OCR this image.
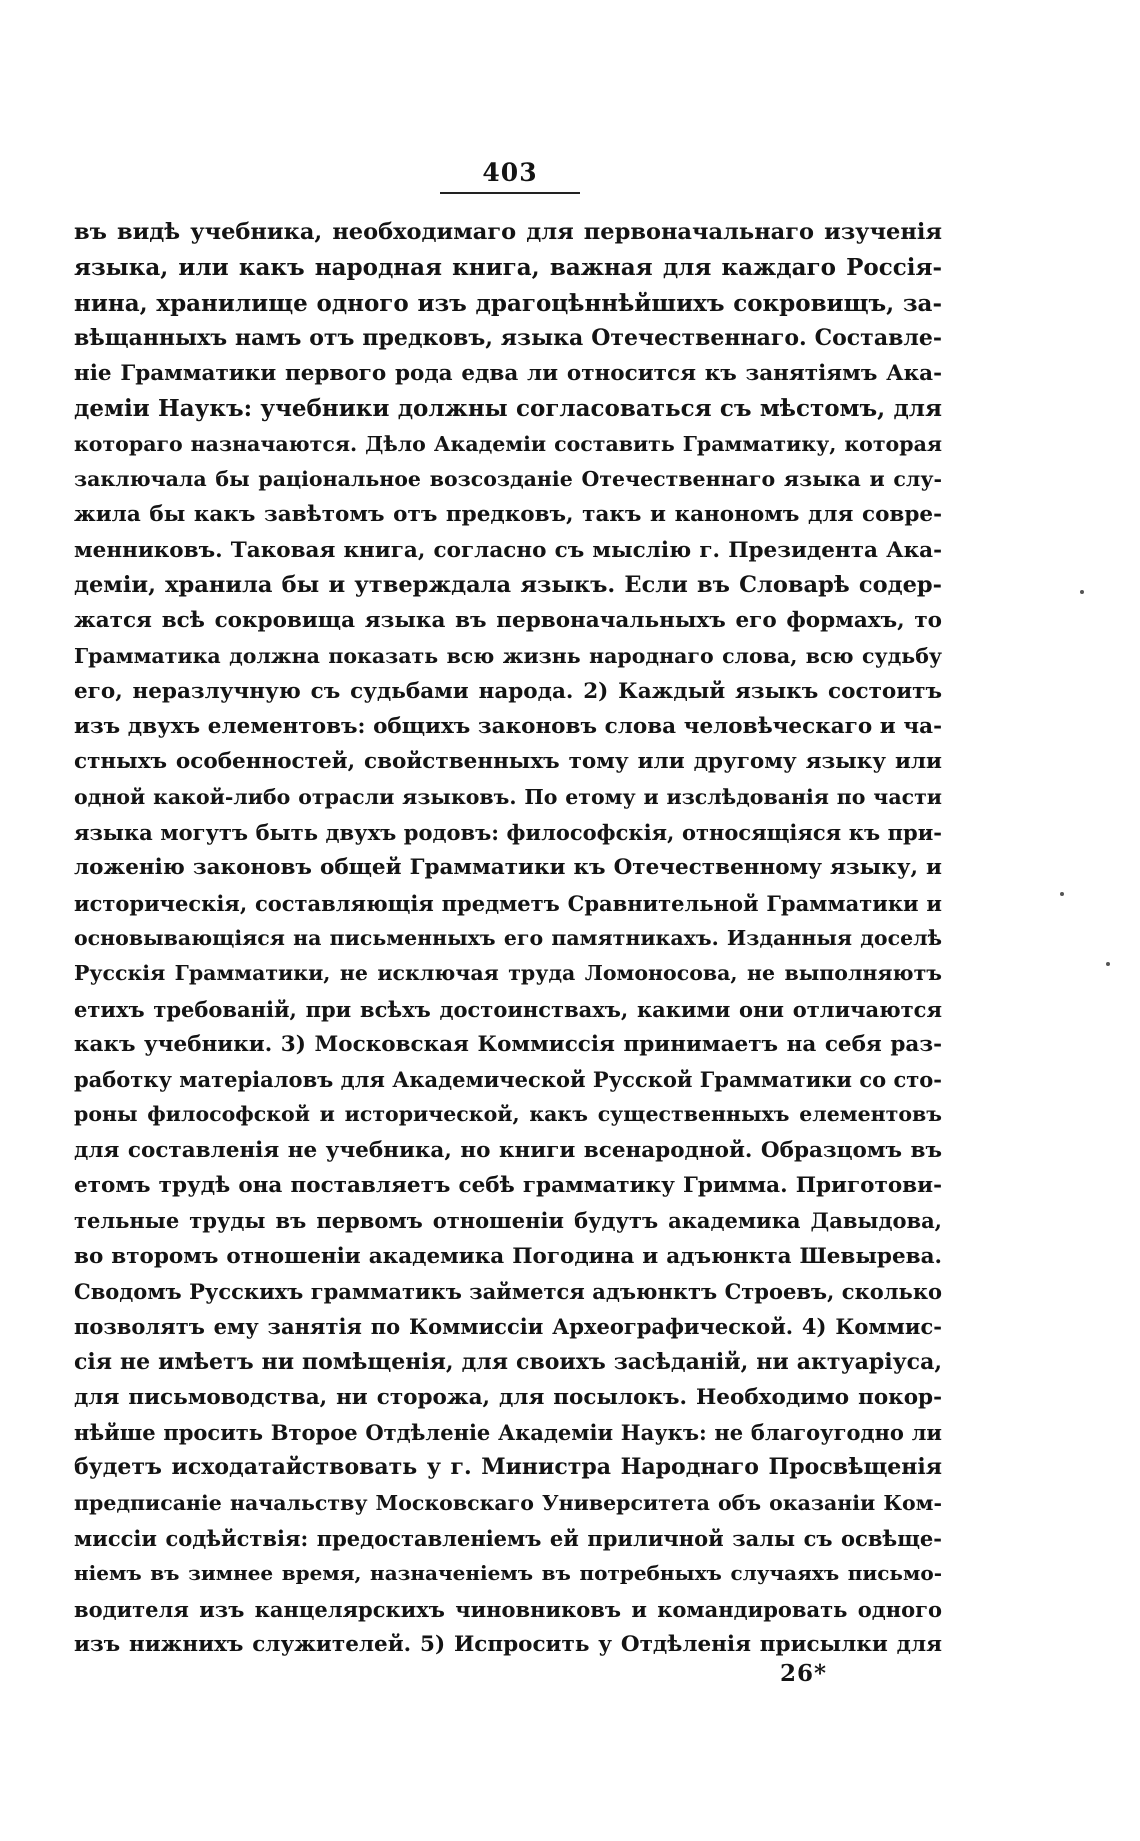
403
въ видѣ учебника, необходимаго для первоначальнаго изученія
языка, или какъ народная книга, важная для каждаго Россія-
нина, хранилище одного изъ драгоцѣннѣйшихъ сокровищъ, за-
вѣщанныхъ намъ отъ предковъ, языка Отечественнаго. Составле-
ніе Грамматики первого рода едва ли относится къ занятіямъ Ака-
деміи Наукъ: учебники должны согласоваться съ мѣстомъ, для
котораго назначаются. Дѣло Академіи составить Грамматику, которая
заключала бы раціональное возсозданіе Отечественнаго языка и слу-
жила бы какъ завѣтомъ отъ предковъ, такъ и канономъ для совре-
менниковъ. Таковая книга, согласно съ мыслію г. Президента Ака-
деміи, хранила бы и утверждала языкъ. Если въ Словарѣ содер-
жатся всѣ сокровища языка въ первоначальныхъ его формахъ, то
Грамматика должна показать всю жизнь народнаго слова, всю судьбу
его, неразлучную съ судьбами народа. 2) Каждый языкъ состоитъ
изъ двухъ елементовъ: общихъ законовъ слова человѣческаго и ча-
стныхъ особенностей, свойственныхъ тому или другому языку или
одной какой-либо отрасли языковъ. По етому и изслѣдованія по части
языка могутъ быть двухъ родовъ: философскія, относящіяся къ при-
ложенію законовъ общей Грамматики къ Отечественному языку, и
историческія, составляющія предметъ Сравнительной Грамматики и
основывающіяся на письменныхъ его памятникахъ. Изданныя доселѣ
Русскія Грамматики, не исключая труда Ломоносова, не выполняютъ
етихъ требованій, при всѣхъ достоинствахъ, какими они отличаются
какъ учебники. 3) Московская Коммиссія принимаетъ на себя раз-
работку матеріаловъ для Академической Русской Грамматики со сто-
роны философской и исторической, какъ существенныхъ елементовъ
для составленія не учебника, но книги всенародной. Образцомъ въ
етомъ трудѣ она поставляетъ себѣ грамматику Гримма. Приготови-
тельные труды въ первомъ отношеніи будутъ академика Давыдова,
во второмъ отношеніи академика Погодина и адъюнкта Шевырева.
Сводомъ Русскихъ грамматикъ займется адъюнктъ Строевъ, сколько
позволятъ ему занятія по Коммиссіи Археографической. 4) Коммис-
сія не имѣетъ ни помѣщенія, для своихъ засѣданій, ни актуаріуса,
для письмоводства, ни сторожа, для посылокъ. Необходимо покор-
нѣйше просить Второе Отдѣленіе Академіи Наукъ: не благоугодно ли
будетъ исходатайствовать у г. Министра Народнаго Просвѣщенія
предписаніе начальству Московскаго Университета объ оказаніи Ком-
миссіи содѣйствія: предоставленіемъ ей приличной залы съ освѣще-
ніемъ въ зимнее время, назначеніемъ въ потребныхъ случаяхъ письмо-
водителя изъ канцелярскихъ чиновниковъ и командировать одного
изъ нижнихъ служителей. 5) Испросить у Отдѣленія присылки для
26*
